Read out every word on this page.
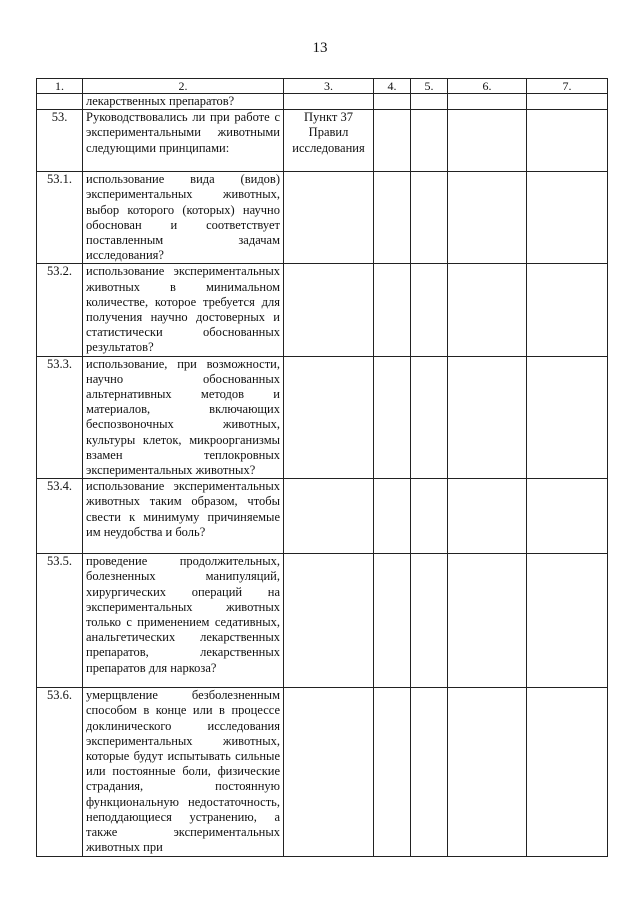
13
1.	2.	3.	4.	5.	6.	7.
	лекарственных препаратов?					
53.	Руководствовались ли при работе с экспериментальными животными следующими принципами:	Пункт 37 Правил исследования				
53.1.	использование вида (видов) экспериментальных животных, выбор которого (которых) научно обоснован и соответствует поставленным задачам исследования?					
53.2.	использование экспериментальных животных в минимальном количестве, которое требуется для получения научно достоверных и статистически обоснованных результатов?					
53.3.	использование, при возможности, научно обоснованных альтернативных методов и материалов, включающих беспозвоночных животных, культуры клеток, микроорганизмы взамен теплокровных экспериментальных животных?					
53.4.	использование экспериментальных животных таким образом, чтобы свести к минимуму причиняемые им неудобства и боль?					
53.5.	проведение продолжительных, болезненных манипуляций, хирургических операций на экспериментальных животных только с применением седативных, анальгетических лекарственных препаратов, лекарственных препаратов для наркоза?					
53.6.	умерщвление безболезненным способом в конце или в процессе доклинического исследования экспериментальных животных, которые будут испытывать сильные или постоянные боли, физические страдания, постоянную функциональную недостаточность, неподдающиеся устранению, а также экспериментальных животных при					
